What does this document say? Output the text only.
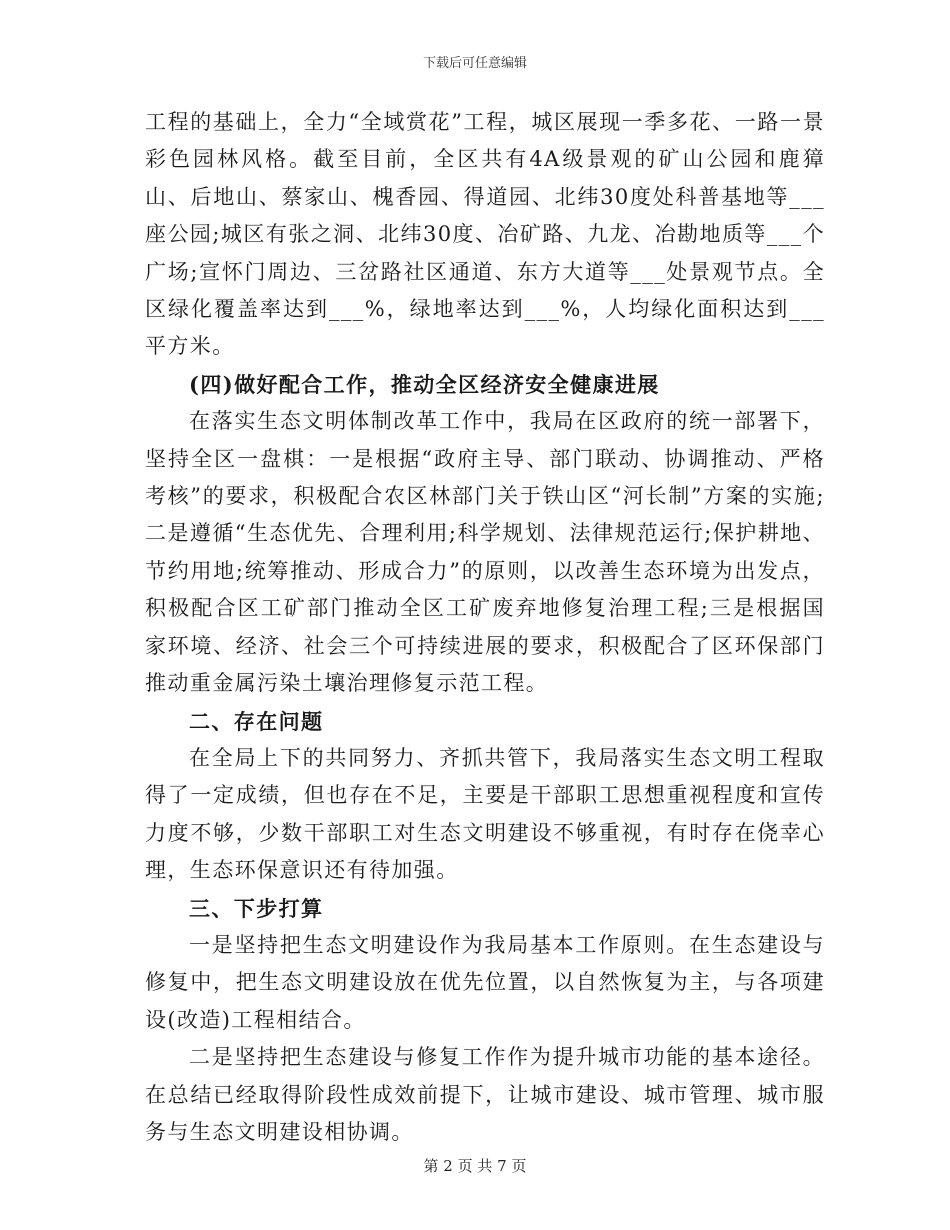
下载后可任意编辑

工程的基础上，全力“全域赏花”工程，城区展现一季多花、一路一景彩色园林风格。截至目前，全区共有4A级景观的矿山公园和鹿獐山、后地山、蔡家山、槐香园、得道园、北纬30度处科普基地等___座公园;城区有张之洞、北纬30度、冶矿路、九龙、冶勘地质等___个广场;宣怀门周边、三岔路社区通道、东方大道等___处景观节点。全区绿化覆盖率达到___%，绿地率达到___%，人均绿化面积达到___平方米。

(四)做好配合工作，推动全区经济安全健康进展

在落实生态文明体制改革工作中，我局在区政府的统一部署下，坚持全区一盘棋：一是根据“政府主导、部门联动、协调推动、严格考核”的要求，积极配合农区林部门关于铁山区“河长制”方案的实施;二是遵循“生态优先、合理利用;科学规划、法律规范运行;保护耕地、节约用地;统筹推动、形成合力”的原则，以改善生态环境为出发点，积极配合区工矿部门推动全区工矿废弃地修复治理工程;三是根据国家环境、经济、社会三个可持续进展的要求，积极配合了区环保部门推动重金属污染土壤治理修复示范工程。

二、存在问题

在全局上下的共同努力、齐抓共管下，我局落实生态文明工程取得了一定成绩，但也存在不足，主要是干部职工思想重视程度和宣传力度不够，少数干部职工对生态文明建设不够重视，有时存在侥幸心理，生态环保意识还有待加强。

三、下步打算

一是坚持把生态文明建设作为我局基本工作原则。在生态建设与修复中，把生态文明建设放在优先位置，以自然恢复为主，与各项建设(改造)工程相结合。

二是坚持把生态建设与修复工作作为提升城市功能的基本途径。在总结已经取得阶段性成效前提下，让城市建设、城市管理、城市服务与生态文明建设相协调。

第 2 页 共 7 页
